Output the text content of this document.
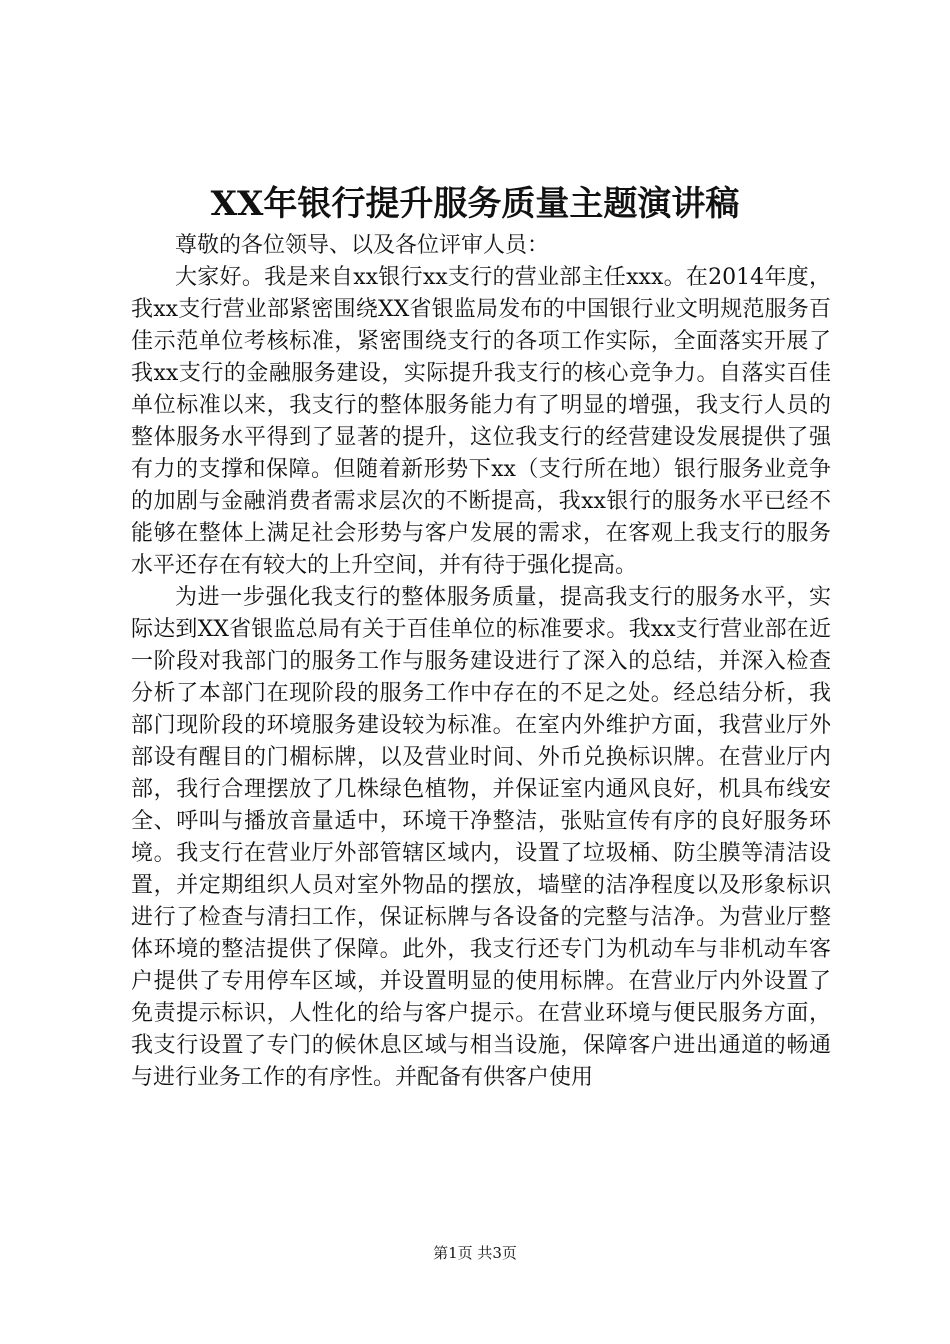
XX年银行提升服务质量主题演讲稿

尊敬的各位领导、以及各位评审人员：

大家好。我是来自xx银行xx支行的营业部主任xxx。在2014年度，我xx支行营业部紧密围绕XX省银监局发布的中国银行业文明规范服务百佳示范单位考核标准，紧密围绕支行的各项工作实际，全面落实开展了我xx支行的金融服务建设，实际提升我支行的核心竞争力。自落实百佳单位标准以来，我支行的整体服务能力有了明显的增强，我支行人员的整体服务水平得到了显著的提升，这位我支行的经营建设发展提供了强有力的支撑和保障。但随着新形势下xx（支行所在地）银行服务业竞争的加剧与金融消费者需求层次的不断提高，我xx银行的服务水平已经不能够在整体上满足社会形势与客户发展的需求，在客观上我支行的服务水平还存在有较大的上升空间，并有待于强化提高。

为进一步强化我支行的整体服务质量，提高我支行的服务水平，实际达到XX省银监总局有关于百佳单位的标准要求。我xx支行营业部在近一阶段对我部门的服务工作与服务建设进行了深入的总结，并深入检查分析了本部门在现阶段的服务工作中存在的不足之处。经总结分析，我部门现阶段的环境服务建设较为标准。在室内外维护方面，我营业厅外部设有醒目的门楣标牌，以及营业时间、外币兑换标识牌。在营业厅内部，我行合理摆放了几株绿色植物，并保证室内通风良好，机具布线安全、呼叫与播放音量适中，环境干净整洁，张贴宣传有序的良好服务环境。我支行在营业厅外部管辖区域内，设置了垃圾桶、防尘膜等清洁设置，并定期组织人员对室外物品的摆放，墙壁的洁净程度以及形象标识进行了检查与清扫工作，保证标牌与各设备的完整与洁净。为营业厅整体环境的整洁提供了保障。此外，我支行还专门为机动车与非机动车客户提供了专用停车区域，并设置明显的使用标牌。在营业厅内外设置了免责提示标识，人性化的给与客户提示。在营业环境与便民服务方面，我支行设置了专门的候休息区域与相当设施，保障客户进出通道的畅通与进行业务工作的有序性。并配备有供客户使用

第1页 共3页
